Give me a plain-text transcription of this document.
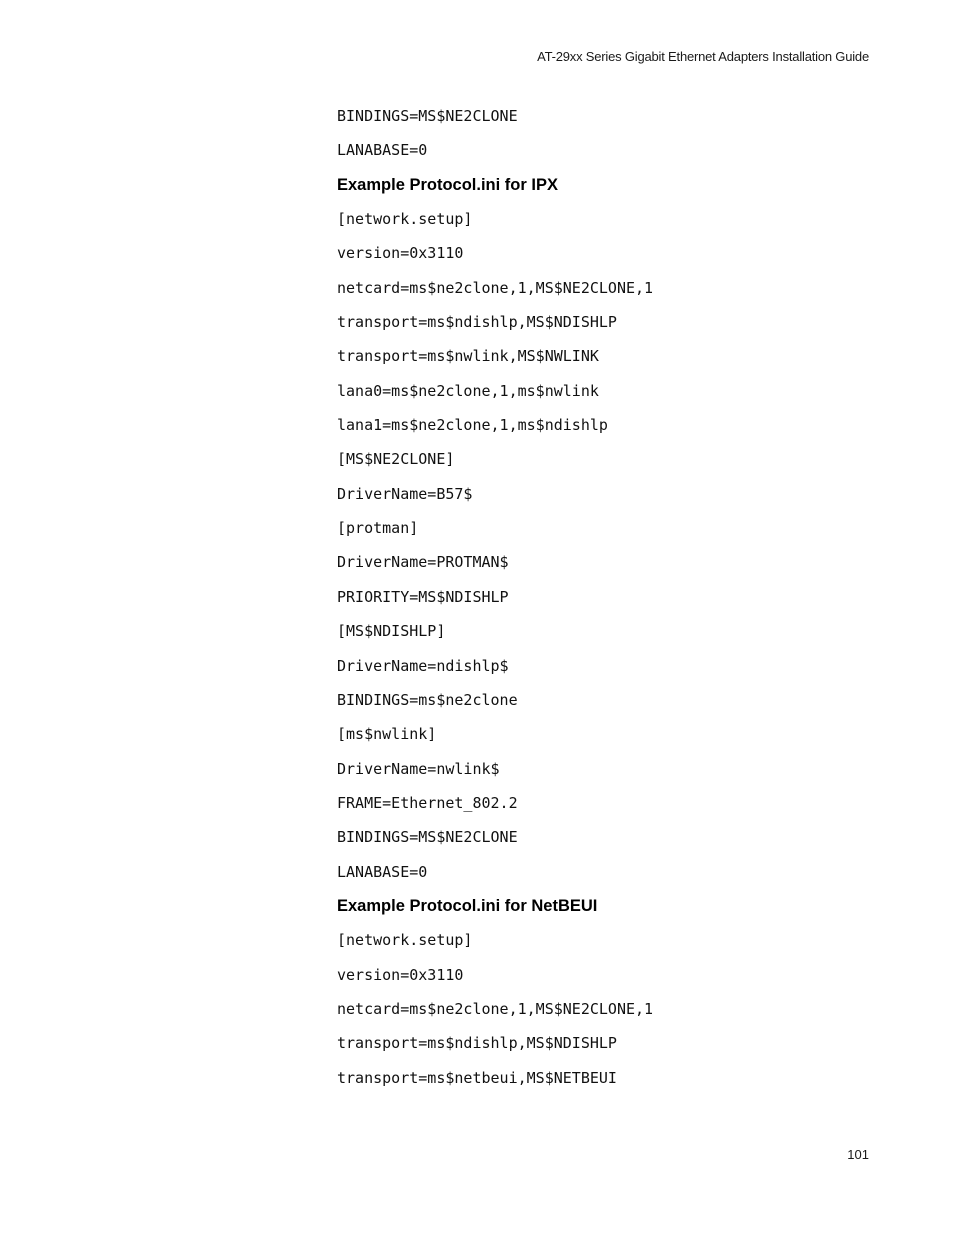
AT-29xx Series Gigabit Ethernet Adapters Installation Guide
BINDINGS=MS$NE2CLONE
LANABASE=0
Example Protocol.ini for IPX
[network.setup]
version=0x3110
netcard=ms$ne2clone,1,MS$NE2CLONE,1
transport=ms$ndishlp,MS$NDISHLP
transport=ms$nwlink,MS$NWLINK
lana0=ms$ne2clone,1,ms$nwlink
lana1=ms$ne2clone,1,ms$ndishlp
[MS$NE2CLONE]
DriverName=B57$
[protman]
DriverName=PROTMAN$
PRIORITY=MS$NDISHLP
[MS$NDISHLP]
DriverName=ndishlp$
BINDINGS=ms$ne2clone
[ms$nwlink]
DriverName=nwlink$
FRAME=Ethernet_802.2
BINDINGS=MS$NE2CLONE
LANABASE=0
Example Protocol.ini for NetBEUI
[network.setup]
version=0x3110
netcard=ms$ne2clone,1,MS$NE2CLONE,1
transport=ms$ndishlp,MS$NDISHLP
transport=ms$netbeui,MS$NETBEUI
101
